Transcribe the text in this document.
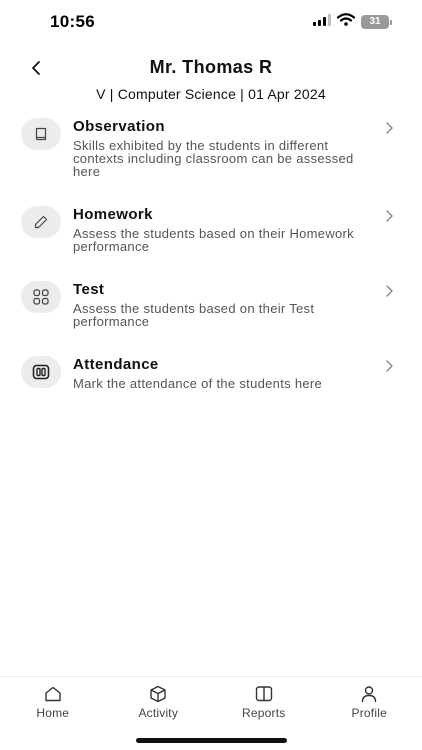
10:56	31
Mr. Thomas R
V | Computer Science | 01 Apr 2024
Observation
Skills exhibited by the students in different contexts including classroom can be assessed here
Homework
Assess the students based on their Homework performance
Test
Assess the students based on their Test performance
Attendance
Mark the attendance of the students here
Home	Activity	Reports	Profile
